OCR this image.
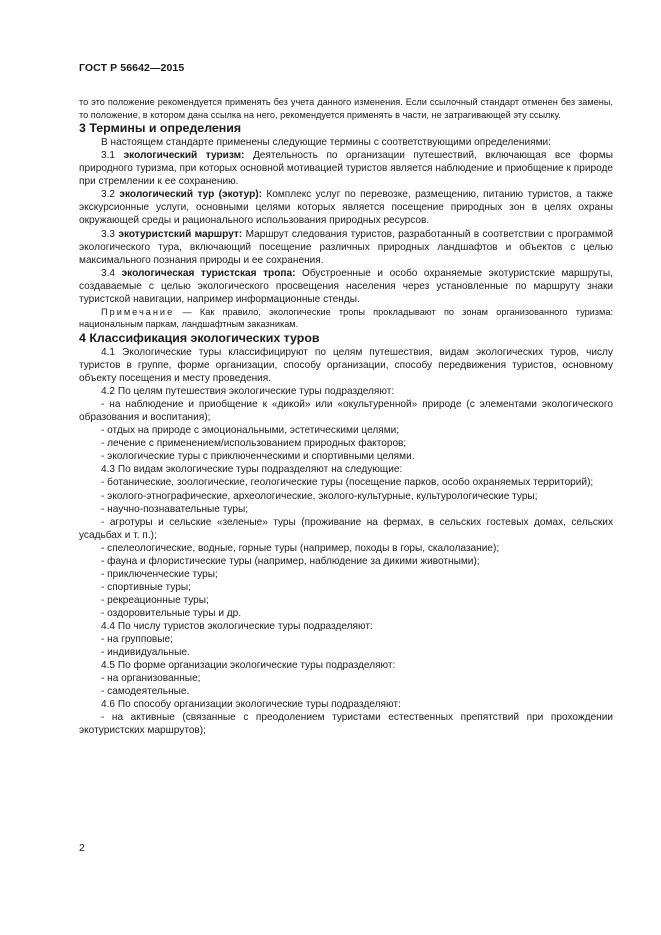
ГОСТ Р 56642—2015

то это положение рекомендуется применять без учета данного изменения. Если ссылочный стандарт отменен без замены, то положение, в котором дана ссылка на него, рекомендуется применять в части, не затрагивающей эту ссылку.

3 Термины и определения

В настоящем стандарте применены следующие термины с соответствующими определениями:

3.1 экологический туризм: Деятельность по организации путешествий, включающая все формы природного туризма, при которых основной мотивацией туристов является наблюдение и приобщение к природе при стремлении к ее сохранению.

3.2 экологический тур (экотур): Комплекс услуг по перевозке, размещению, питанию туристов, а также экскурсионные услуги, основными целями которых является посещение природных зон в целях охраны окружающей среды и рационального использования природных ресурсов.

3.3 экотуристский маршрут: Маршрут следования туристов, разработанный в соответствии с программой экологического тура, включающий посещение различных природных ландшафтов и объектов с целью максимального познания природы и ее сохранения.

3.4 экологическая туристская тропа: Обустроенные и особо охраняемые экотуристские маршруты, создаваемые с целью экологического просвещения населения через установленные по маршруту знаки туристской навигации, например информационные стенды.

Примечание — Как правило, экологические тропы прокладывают по зонам организованного туризма: национальным паркам, ландшафтным заказникам.

4 Классификация экологических туров

4.1 Экологические туры классифицируют по целям путешествия, видам экологических туров, числу туристов в группе, форме организации, способу организации, способу передвижения туристов, основному объекту посещения и месту проведения.

4.2 По целям путешествия экологические туры подразделяют:

- на наблюдение и приобщение к «дикой» или «окультуренной» природе (с элементами экологического образования и воспитания);

- отдых на природе с эмоциональными, эстетическими целями;

- лечение с применением/использованием природных факторов;

- экологические туры с приключенческими и спортивными целями.

4.3 По видам экологические туры подразделяют на следующие:

- ботанические, зоологические, геологические туры (посещение парков, особо охраняемых территорий);

- эколого-этнографические, археологические, эколого-культурные, культурологические туры;

- научно-познавательные туры;

- агротуры и сельские «зеленые» туры (проживание на фермах, в сельских гостевых домах, сельских усадьбах и т. п.);

- спелеологические, водные, горные туры (например, походы в горы, скалолазание);

- фауна и флористические туры (например, наблюдение за дикими животными);

- приключенческие туры;

- спортивные туры;

- рекреационные туры;

- оздоровительные туры и др.

4.4 По числу туристов экологические туры подразделяют:

- на групповые;

- индивидуальные.

4.5 По форме организации экологические туры подразделяют:

- на организованные;

- самодеятельные.

4.6 По способу организации экологические туры подразделяют:

- на активные (связанные с преодолением туристами естественных препятствий при прохождении экотуристских маршрутов);

2
